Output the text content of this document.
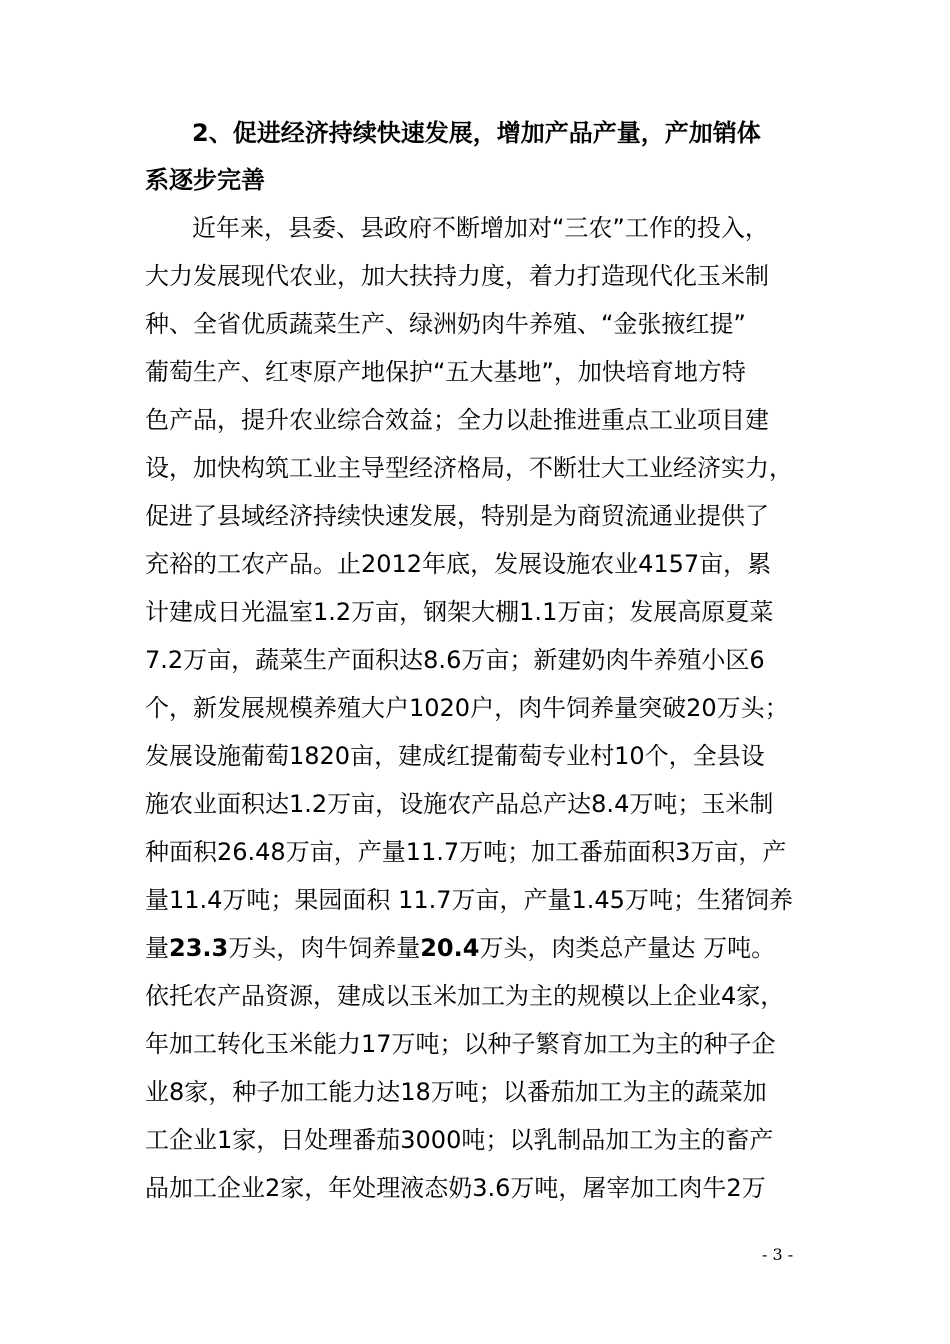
2、促进经济持续快速发展，增加产品产量，产加销体
系逐步完善
近年来，县委、县政府不断增加对“三农”工作的投入，
大力发展现代农业，加大扶持力度，着力打造现代化玉米制
种、全省优质蔬菜生产、绿洲奶肉牛养殖、“金张掖红提”
葡萄生产、红枣原产地保护“五大基地”，加快培育地方特
色产品，提升农业综合效益；全力以赴推进重点工业项目建
设，加快构筑工业主导型经济格局，不断壮大工业经济实力，
促进了县域经济持续快速发展，特别是为商贸流通业提供了
充裕的工农产品。止2012年底，发展设施农业4157亩，累
计建成日光温室1.2万亩，钢架大棚1.1万亩；发展高原夏菜
7.2万亩，蔬菜生产面积达8.6万亩；新建奶肉牛养殖小区6
个，新发展规模养殖大户1020户，肉牛饲养量突破20万头；
发展设施葡萄1820亩，建成红提葡萄专业村10个，全县设
施农业面积达1.2万亩，设施农产品总产达8.4万吨；玉米制
种面积26.48万亩，产量11.7万吨；加工番茄面积3万亩，产
量11.4万吨；果园面积 11.7万亩，产量1.45万吨；生猪饲养
量23.3万头，肉牛饲养量20.4万头，肉类总产量达 万吨。
依托农产品资源，建成以玉米加工为主的规模以上企业4家，
年加工转化玉米能力17万吨；以种子繁育加工为主的种子企
业8家，种子加工能力达18万吨；以番茄加工为主的蔬菜加
工企业1家，日处理番茄3000吨；以乳制品加工为主的畜产
品加工企业2家，年处理液态奶3.6万吨，屠宰加工肉牛2万
- 3 -
